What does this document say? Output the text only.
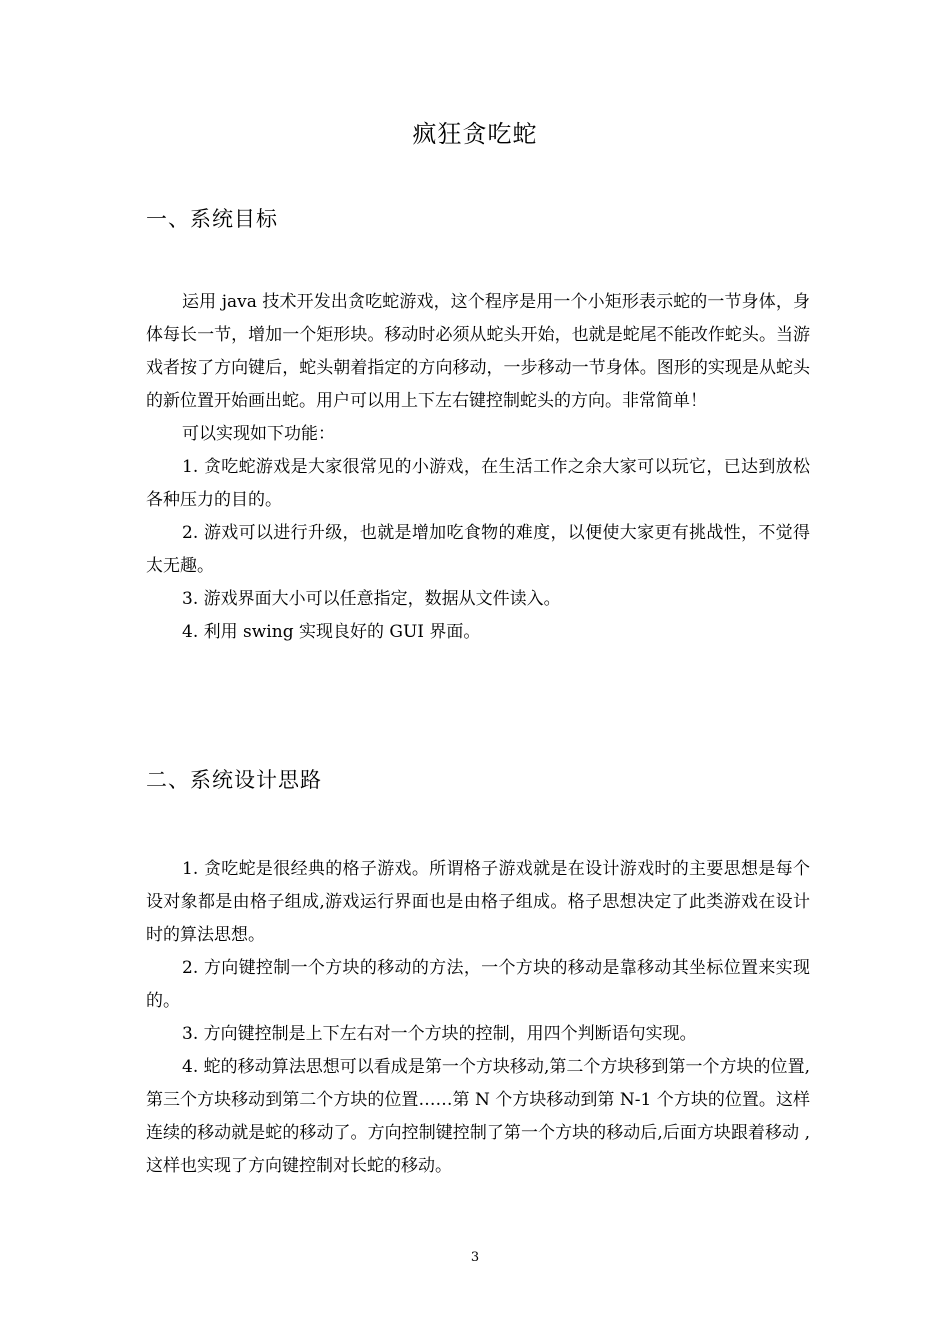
疯狂贪吃蛇
一、系统目标

运用 java 技术开发出贪吃蛇游戏，这个程序是用一个小矩形表示蛇的一节身体，身体每长一节，增加一个矩形块。移动时必须从蛇头开始，也就是蛇尾不能改作蛇头。当游戏者按了方向键后，蛇头朝着指定的方向移动，一步移动一节身体。图形的实现是从蛇头的新位置开始画出蛇。用户可以用上下左右键控制蛇头的方向。非常简单！

可以实现如下功能：

1. 贪吃蛇游戏是大家很常见的小游戏，在生活工作之余大家可以玩它，已达到放松各种压力的目的。

2. 游戏可以进行升级，也就是增加吃食物的难度，以便使大家更有挑战性，不觉得太无趣。

3. 游戏界面大小可以任意指定，数据从文件读入。

4. 利用 swing 实现良好的 GUI 界面。

二、系统设计思路

1. 贪吃蛇是很经典的格子游戏。所谓格子游戏就是在设计游戏时的主要思想是每个设对象都是由格子组成,游戏运行界面也是由格子组成。格子思想决定了此类游戏在设计时的算法思想。

2. 方向键控制一个方块的移动的方法，一个方块的移动是靠移动其坐标位置来实现的。

3. 方向键控制是上下左右对一个方块的控制，用四个判断语句实现。

4. 蛇的移动算法思想可以看成是第一个方块移动,第二个方块移到第一个方块的位置, 第三个方块移动到第二个方块的位置……第 N 个方块移动到第 N-1 个方块的位置。这样连续的移动就是蛇的移动了。方向控制键控制了第一个方块的移动后,后面方块跟着移动 ,这样也实现了方向键控制对长蛇的移动。

3
